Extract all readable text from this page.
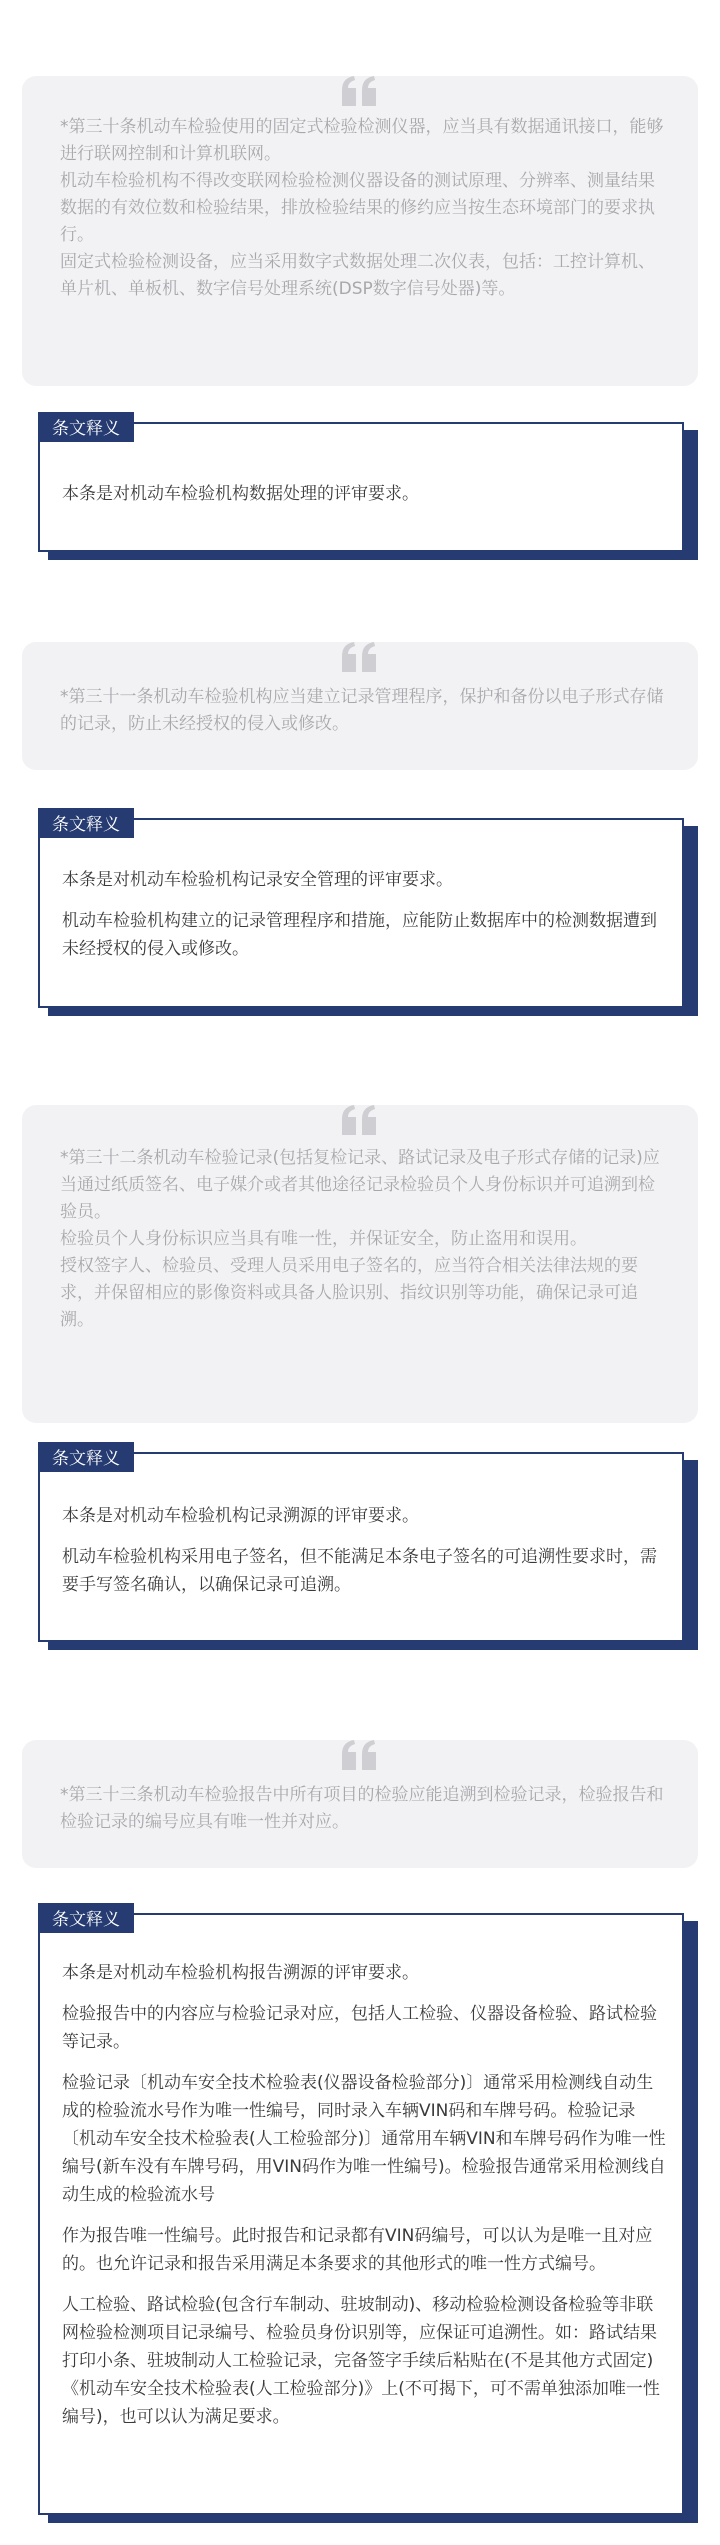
*第三十条机动车检验使用的固定式检验检测仪器，应当具有数据通讯接口，能够进行联网控制和计算机联网。

机动车检验机构不得改变联网检验检测仪器设备的测试原理、分辨率、测量结果数据的有效位数和检验结果，排放检验结果的修约应当按生态环境部门的要求执行。

固定式检验检测设备，应当采用数字式数据处理二次仪表，包括：工控计算机、单片机、单板机、数字信号处理系统(DSP数字信号处器)等。

条文释义

本条是对机动车检验机构数据处理的评审要求。

*第三十一条机动车检验机构应当建立记录管理程序，保护和备份以电子形式存储的记录，防止未经授权的侵入或修改。

条文释义

本条是对机动车检验机构记录安全管理的评审要求。

机动车检验机构建立的记录管理程序和措施，应能防止数据库中的检测数据遭到未经授权的侵入或修改。

*第三十二条机动车检验记录(包括复检记录、路试记录及电子形式存储的记录)应当通过纸质签名、电子媒介或者其他途径记录检验员个人身份标识并可追溯到检验员。

检验员个人身份标识应当具有唯一性，并保证安全，防止盗用和误用。

授权签字人、检验员、受理人员采用电子签名的，应当符合相关法律法规的要求，并保留相应的影像资料或具备人脸识别、指纹识别等功能，确保记录可追溯。

条文释义

本条是对机动车检验机构记录溯源的评审要求。

机动车检验机构采用电子签名，但不能满足本条电子签名的可追溯性要求时，需要手写签名确认，以确保记录可追溯。

*第三十三条机动车检验报告中所有项目的检验应能追溯到检验记录，检验报告和检验记录的编号应具有唯一性并对应。

条文释义

本条是对机动车检验机构报告溯源的评审要求。

检验报告中的内容应与检验记录对应，包括人工检验、仪器设备检验、路试检验等记录。

检验记录〔机动车安全技术检验表(仪器设备检验部分)〕通常采用检测线自动生成的检验流水号作为唯一性编号，同时录入车辆VIN码和车牌号码。检验记录〔机动车安全技术检验表(人工检验部分)〕通常用车辆VIN和车牌号码作为唯一性编号(新车没有车牌号码，用VIN码作为唯一性编号)。检验报告通常采用检测线自动生成的检验流水号

作为报告唯一性编号。此时报告和记录都有VIN码编号，可以认为是唯一且对应的。也允许记录和报告采用满足本条要求的其他形式的唯一性方式编号。

人工检验、路试检验(包含行车制动、驻坡制动)、移动检验检测设备检验等非联网检验检测项目记录编号、检验员身份识别等，应保证可追溯性。如：路试结果打印小条、驻坡制动人工检验记录，完备签字手续后粘贴在(不是其他方式固定)《机动车安全技术检验表(人工检验部分)》上(不可揭下，可不需单独添加唯一性编号)，也可以认为满足要求。
